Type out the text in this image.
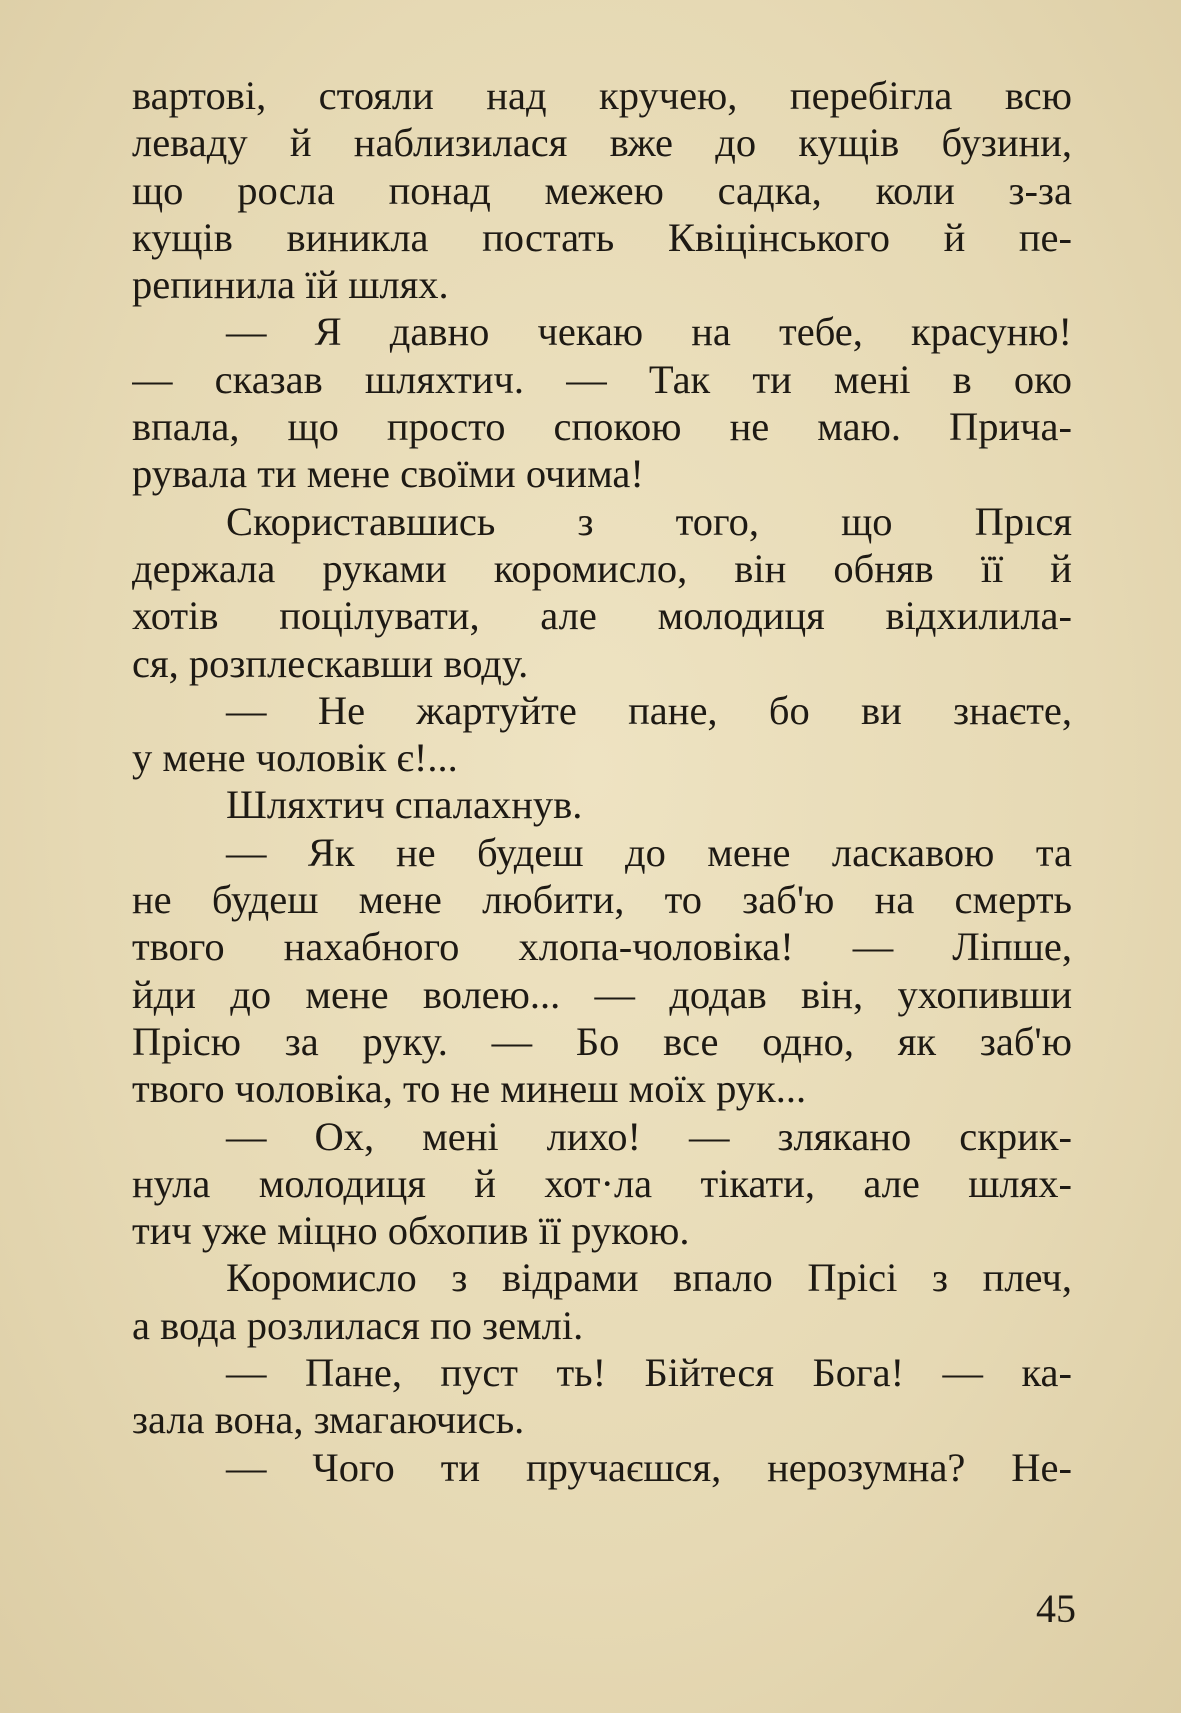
вартові, стояли над кручею, перебігла всю
леваду й наблизилася вже до кущів бузини,
що росла понад межею садка, коли з-за
кущів виникла постать Квіцінського й пе-
репинила їй шлях.
— Я давно чекаю на тебе, красуню!
— сказав шляхтич. — Так ти мені в око
впала, що просто спокою не маю. Прича-
рувала ти мене своїми очима!
Скориставшись з того, що Прıся
держала руками коромисло, він обняв її й
хотів поцілувати, але молодиця відхилила-
ся, розплескавши воду.
— Не жартуйте пане, бо ви знаєте,
у мене чоловік є!...
Шляхтич спалахнув.
— Як не будеш до мене ласкавою та
не будеш мене любити, то заб'ю на смерть
твого нахабного хлопа-чоловіка! — Ліпше,
йди до мене волею... — додав він, ухопивши
Прісю за руку. — Бо все одно, як заб'ю
твого чоловіка, то не минеш моїх рук...
— Ох, мені лихо! — злякано скрик-
нула молодиця й хот·ла тікати, але шлях-
тич уже міцно обхопив її рукою.
Коромисло з відрами впало Прісі з плеч,
а вода розлилася по землі.
— Пане, пуст ть! Бійтеся Бога! — ка-
зала вона, змагаючись.
— Чого ти пручаєшся, нерозумна? Не-
45
